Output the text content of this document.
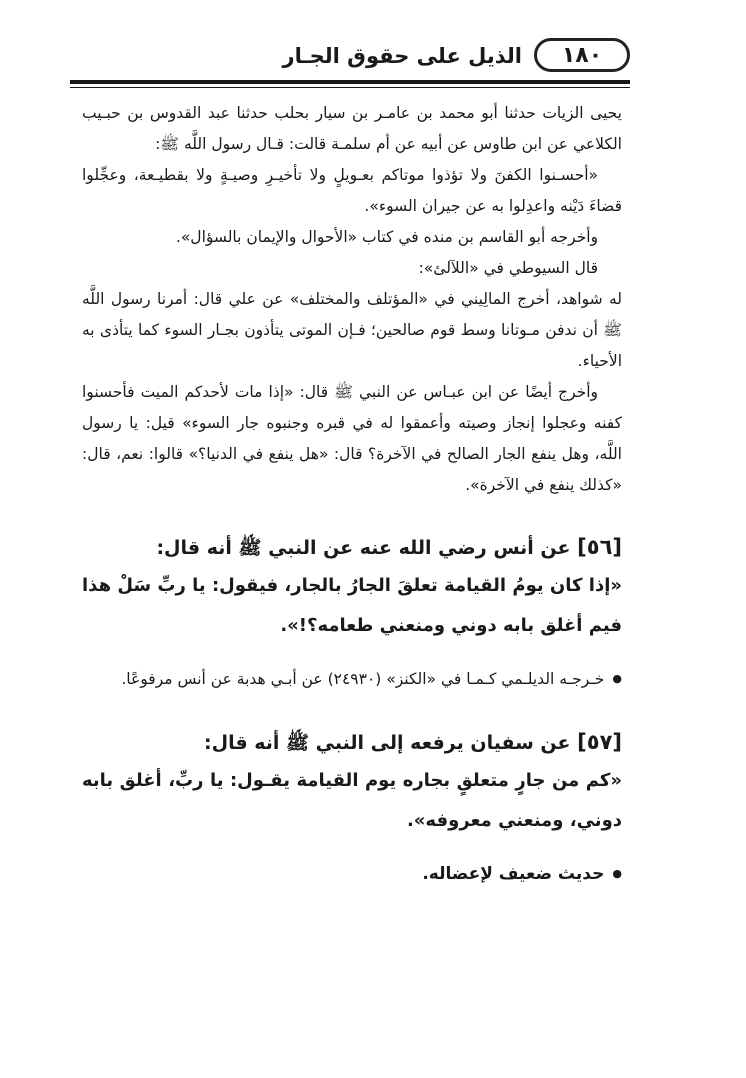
١٨٠
الذيل على حقوق الجـار

يحيى الزيات حدثنا أبو محمد بن عامـر بن سيار بحلب حدثنا عبد القدوس بن حبـيب الكلاعي عن ابن طاوس عن أبيه عن أم سلمـة قالت: قـال رسول اللَّه ﷺ:

«أحسـنوا الكفنَ ولا تؤذوا موتاكم بعـويلٍ ولا تأخيـرِ وصيـةٍ ولا بقطيـعة، وعجِّلوا قضاءَ دَيْنه واعدِلوا به عن جيران السوء».

وأخرجه أبو القاسم بن منده في كتاب «الأحوال والإيمان بالسؤال».

قال السيوطي في «اللآلئ»:

له شواهد، أخرج المالِيني في «المؤتلف والمختلف» عن علي قال: أمرنا رسول اللَّه ﷺ أن ندفن مـوتانا وسط قوم صالحين؛ فـإن الموتى يتأذون بجـار السوء كما يتأذى به الأحياء.

وأخرج أيضًا عن ابن عبـاس عن النبي ﷺ قال: «إذا مات لأحدكم الميت فأحسنوا كفنه وعجلوا إنجاز وصيته وأعمقوا له في قبره وجنبوه جار السوء» قيل: يا رسول اللَّه، وهل ينفع الجار الصالح في الآخرة؟ قال: «هل ينفع في الدنيا؟» قالوا: نعم، قال: «كذلك ينفع في الآخرة».

[٥٦] عن أنس رضي الله عنه عن النبي ﷺ أنه قال:

«إذا كان يومُ القيامة تعلقَ الجارُ بالجار، فيقول: يا ربِّ سَلْ هذا فيم أغلق بابه دوني ومنعني طعامه؟!».

● خـرجـه الديلـمي كـمـا في «الكنز» (٢٤٩٣٠) عن أبـي هدبة عن أنس مرفوعًا.

[٥٧] عن سفيان يرفعه إلى النبي ﷺ أنه قال:

«كم من جارٍ متعلقٍ بجاره يوم القيامة يقـول: يا ربِّ، أغلق بابه دوني، ومنعني معروفه».

● حديث ضعيف لإعضاله.
